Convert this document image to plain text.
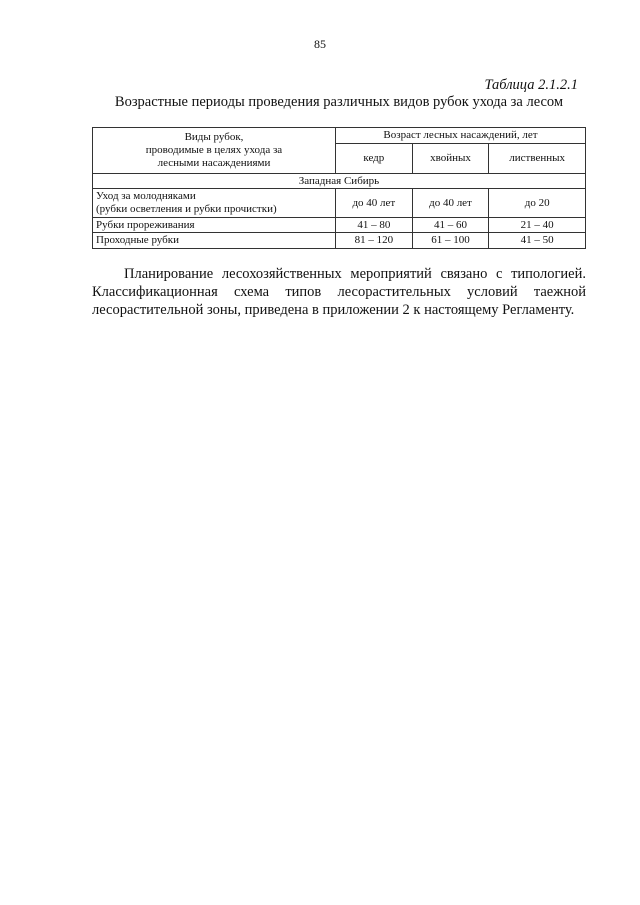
85
Таблица 2.1.2.1
Возрастные периоды проведения различных видов рубок ухода за лесом
Виды рубок,
проводимые в целях ухода за
лесными насаждениями	Возраст лесных насаждений, лет		
	кедр	хвойных	лиственных
Западная Сибирь			

Уход за молодняками
(рубки осветления и рубки прочистки)	до 40 лет	до 40 лет	до 20
Рубки прореживания	41 – 80	41 – 60	21 – 40
Проходные рубки	81 – 120	61 – 100	41 – 50

Планирование лесохозяйственных мероприятий связано с типологией. Классификационная схема типов лесорастительных условий таежной лесорастительной зоны, приведена в приложении 2 к настоящему Регламенту.
